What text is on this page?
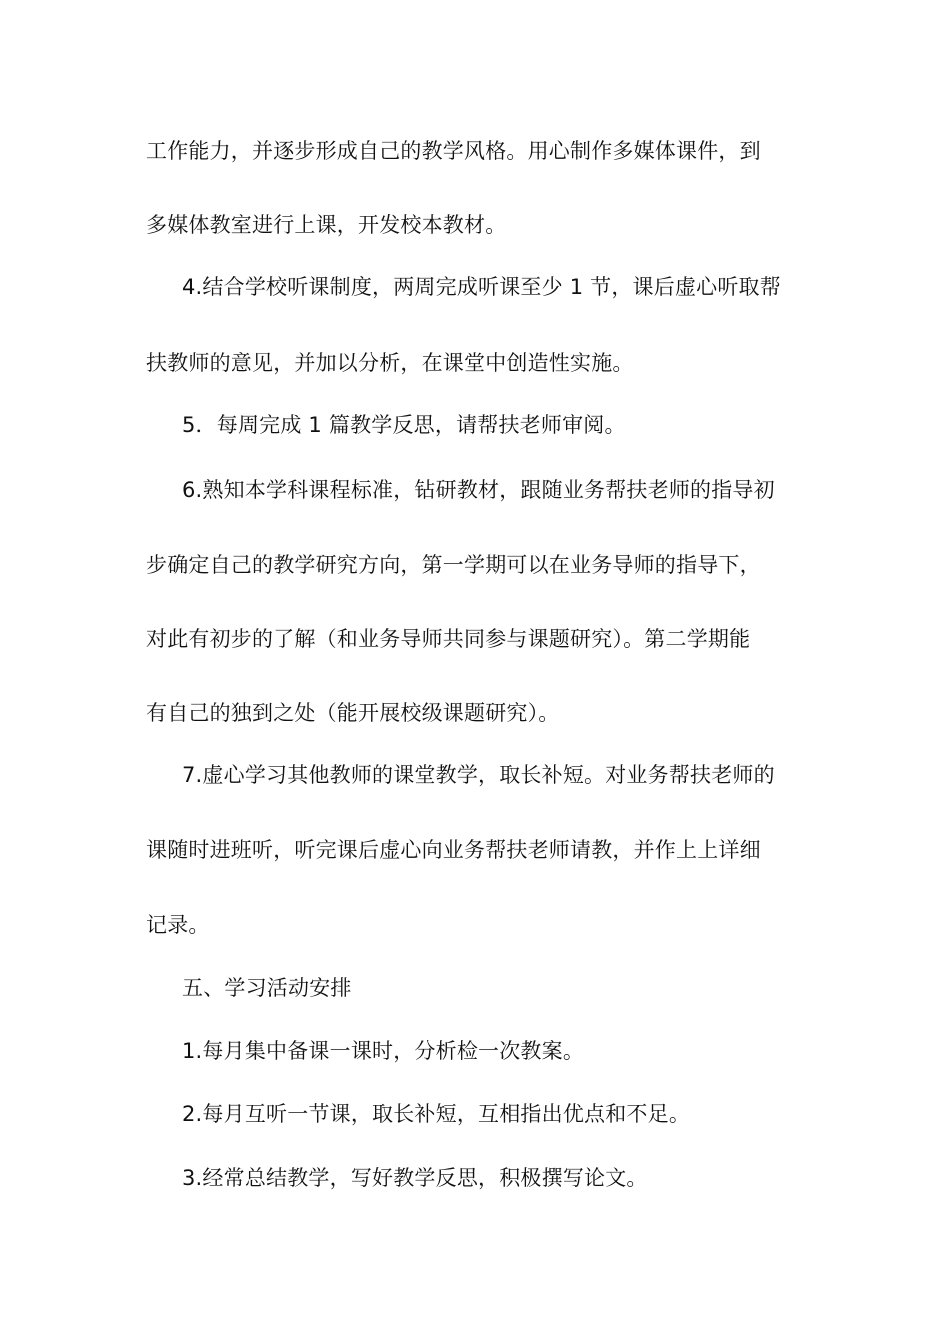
工作能力，并逐步形成自己的教学风格。用心制作多媒体课件，到
多媒体教室进行上课，开发校本教材。
4.结合学校听课制度，两周完成听课至少 1 节，课后虚心听取帮
扶教师的意见，并加以分析，在课堂中创造性实施。
5．每周完成 1 篇教学反思，请帮扶老师审阅。
6.熟知本学科课程标准，钻研教材，跟随业务帮扶老师的指导初
步确定自己的教学研究方向，第一学期可以在业务导师的指导下，
对此有初步的了解（和业务导师共同参与课题研究）。第二学期能
有自己的独到之处（能开展校级课题研究）。
7.虚心学习其他教师的课堂教学，取长补短。对业务帮扶老师的
课随时进班听，听完课后虚心向业务帮扶老师请教，并作上上详细
记录。
五、学习活动安排
1.每月集中备课一课时，分析检一次教案。
2.每月互听一节课，取长补短，互相指出优点和不足。
3.经常总结教学，写好教学反思，积极撰写论文。
